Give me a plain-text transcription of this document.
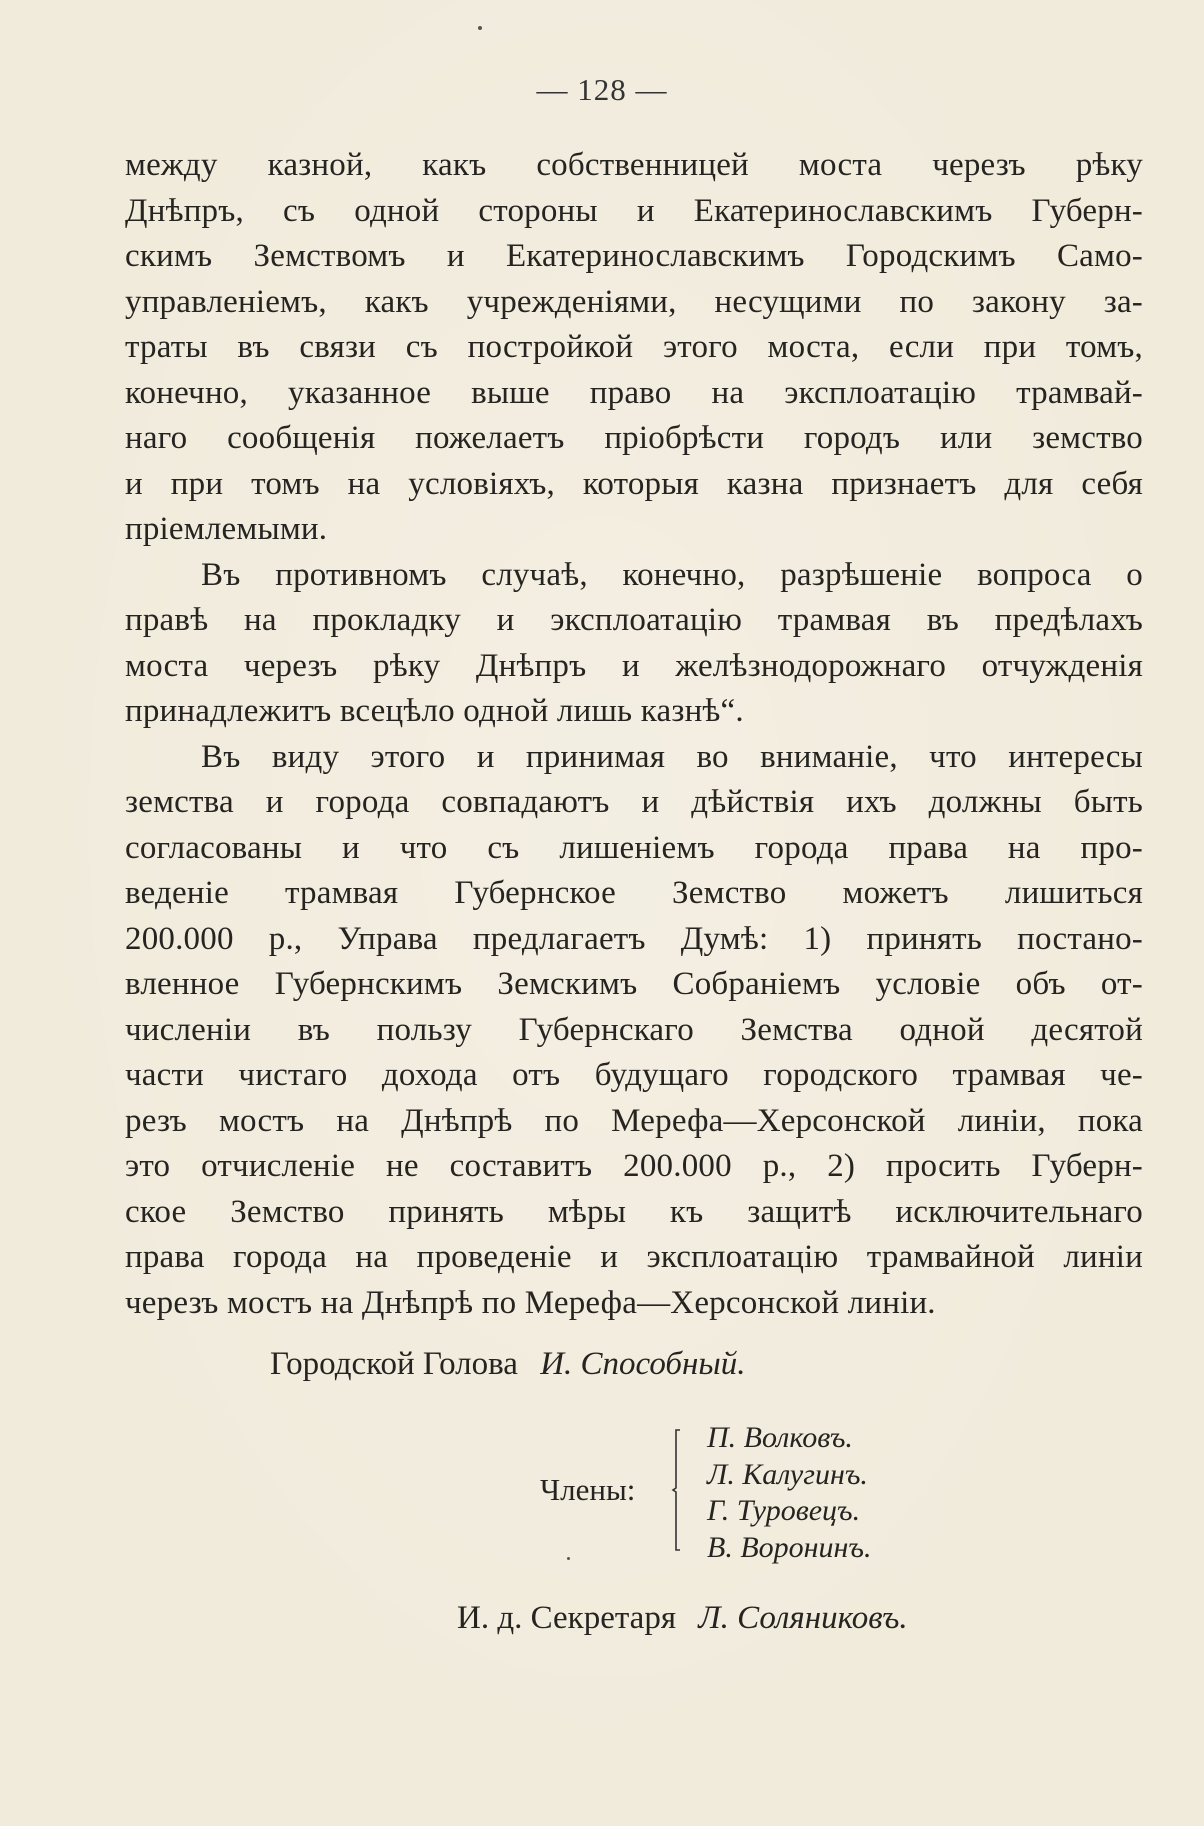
— 128 —
между казной, какъ собственницей моста черезъ рѣку
Днѣпръ, съ одной стороны и Екатеринославскимъ Губерн-
скимъ Земствомъ и Екатеринославскимъ Городскимъ Само-
управленіемъ, какъ учрежденіями, несущими по закону за-
траты въ связи съ постройкой этого моста, если при томъ,
конечно, указанное выше право на эксплоатацію трамвай-
наго сообщенія пожелаетъ пріобрѣсти городъ или земство
и при томъ на условіяхъ, которыя казна признаетъ для себя
пріемлемыми.
Въ противномъ случаѣ, конечно, разрѣшеніе вопроса о
правѣ на прокладку и эксплоатацію трамвая въ предѣлахъ
моста черезъ рѣку Днѣпръ и желѣзнодорожнаго отчужденія
принадлежитъ всецѣло одной лишь казнѣ“.
Въ виду этого и принимая во вниманіе, что интересы
земства и города совпадаютъ и дѣйствія ихъ должны быть
согласованы и что съ лишеніемъ города права на про-
веденіе трамвая Губернское Земство можетъ лишиться
200.000 р., Управа предлагаетъ Думѣ: 1) принять постано-
вленное Губернскимъ Земскимъ Собраніемъ условіе объ от-
численіи въ пользу Губернскаго Земства одной десятой
части чистаго дохода отъ будущаго городского трамвая че-
резъ мостъ на Днѣпрѣ по Мерефа—Херсонской линіи, пока
это отчисленіе не составитъ 200.000 р., 2) просить Губерн-
ское Земство принять мѣры къ защитѣ исключительнаго
права города на проведеніе и эксплоатацію трамвайной линіи
черезъ мостъ на Днѣпрѣ по Мерефа—Херсонской линіи.
Городской Голова И. Способный.
Члены:
П. Волковъ.
Л. Калугинъ.
Г. Туровецъ.
В. Воронинъ.
И. д. Секретаря Л. Соляниковъ.
